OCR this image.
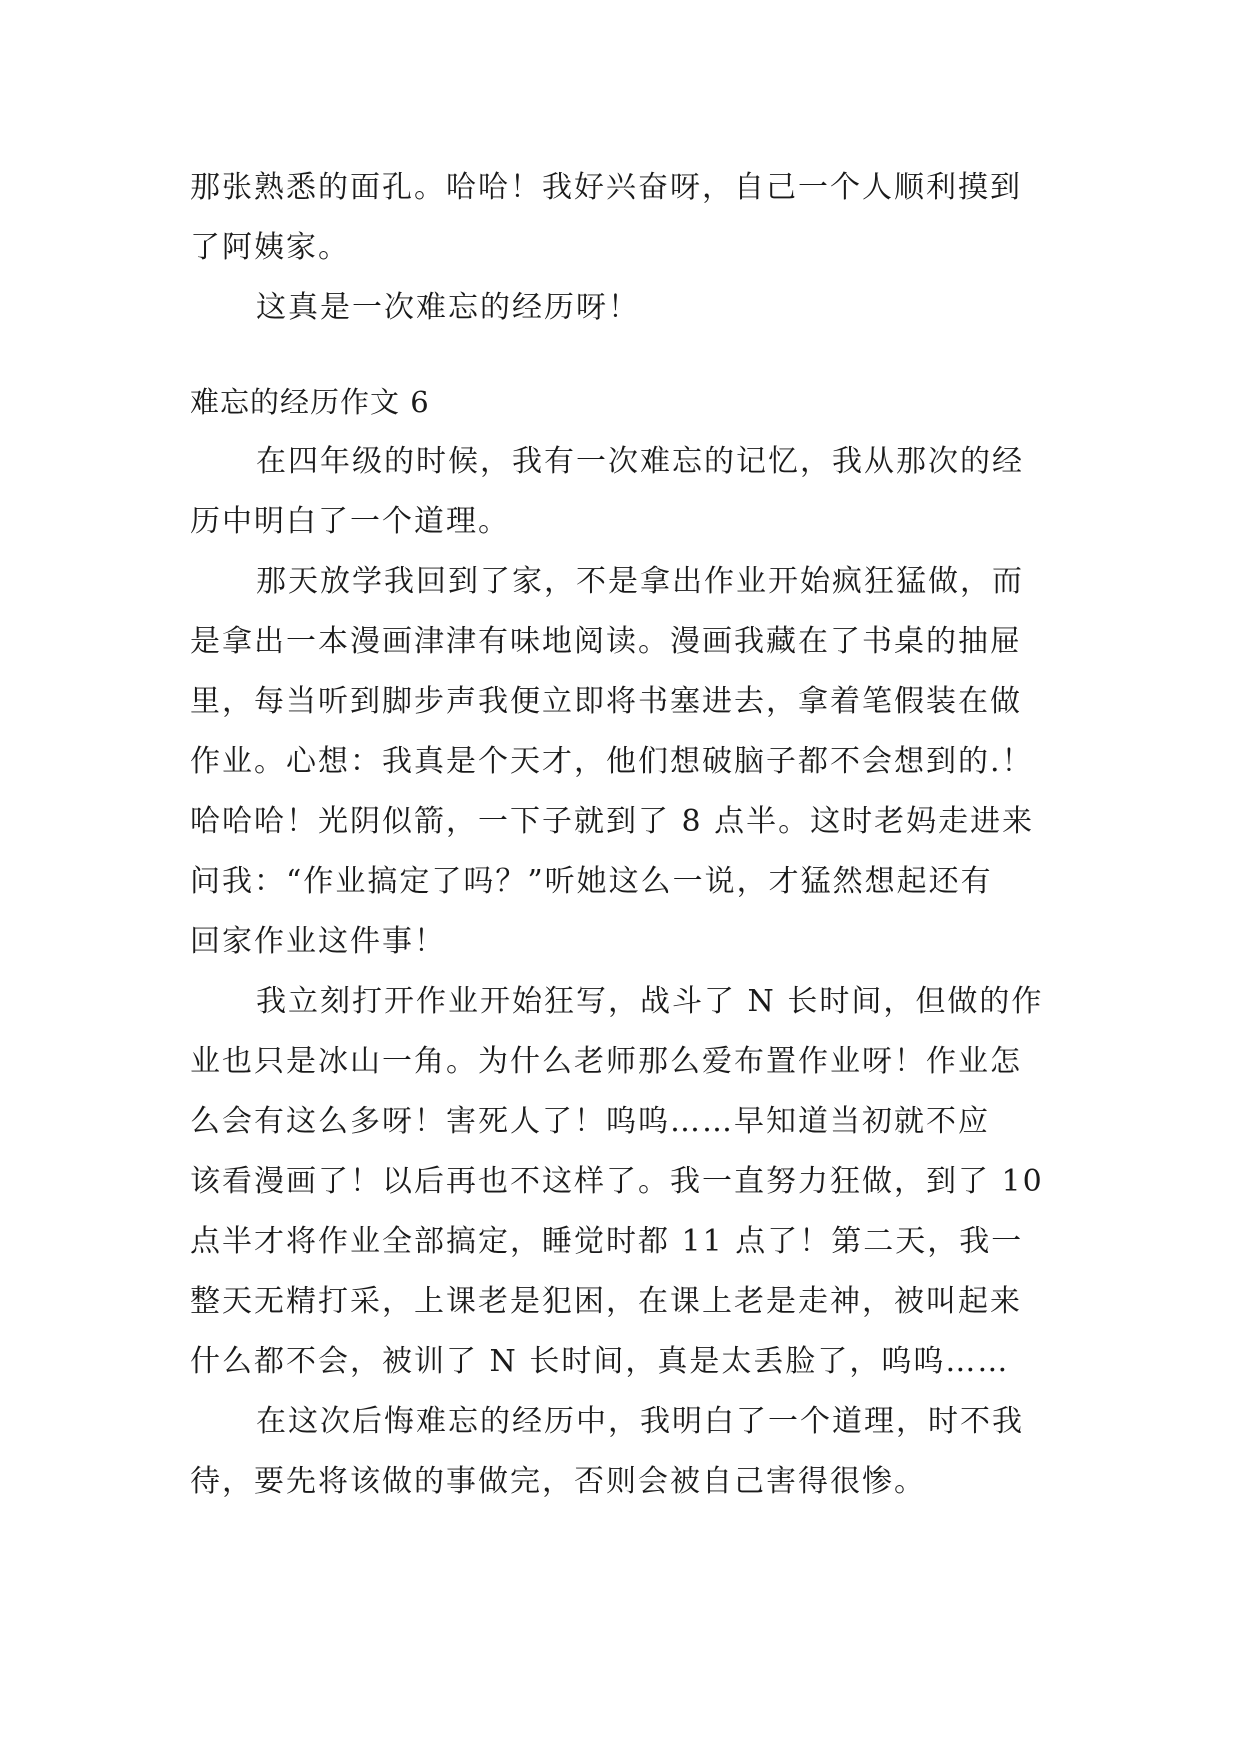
那张熟悉的面孔。哈哈！我好兴奋呀，自己一个人顺利摸到
了阿姨家。
这真是一次难忘的经历呀！
难忘的经历作文 6
在四年级的时候，我有一次难忘的记忆，我从那次的经
历中明白了一个道理。
那天放学我回到了家，不是拿出作业开始疯狂猛做，而
是拿出一本漫画津津有味地阅读。漫画我藏在了书桌的抽屉
里，每当听到脚步声我便立即将书塞进去，拿着笔假装在做
作业。心想：我真是个天才，他们想破脑子都不会想到的.！
哈哈哈！光阴似箭，一下子就到了 8 点半。这时老妈走进来
问我：“作业搞定了吗？”听她这么一说，才猛然想起还有
回家作业这件事！
我立刻打开作业开始狂写，战斗了 N 长时间，但做的作
业也只是冰山一角。为什么老师那么爱布置作业呀！作业怎
么会有这么多呀！害死人了！呜呜……早知道当初就不应
该看漫画了！以后再也不这样了。我一直努力狂做，到了 10
点半才将作业全部搞定，睡觉时都 11 点了！第二天，我一
整天无精打采，上课老是犯困，在课上老是走神，被叫起来
什么都不会，被训了 N 长时间，真是太丢脸了，呜呜……
在这次后悔难忘的经历中，我明白了一个道理，时不我
待，要先将该做的事做完，否则会被自己害得很惨。
